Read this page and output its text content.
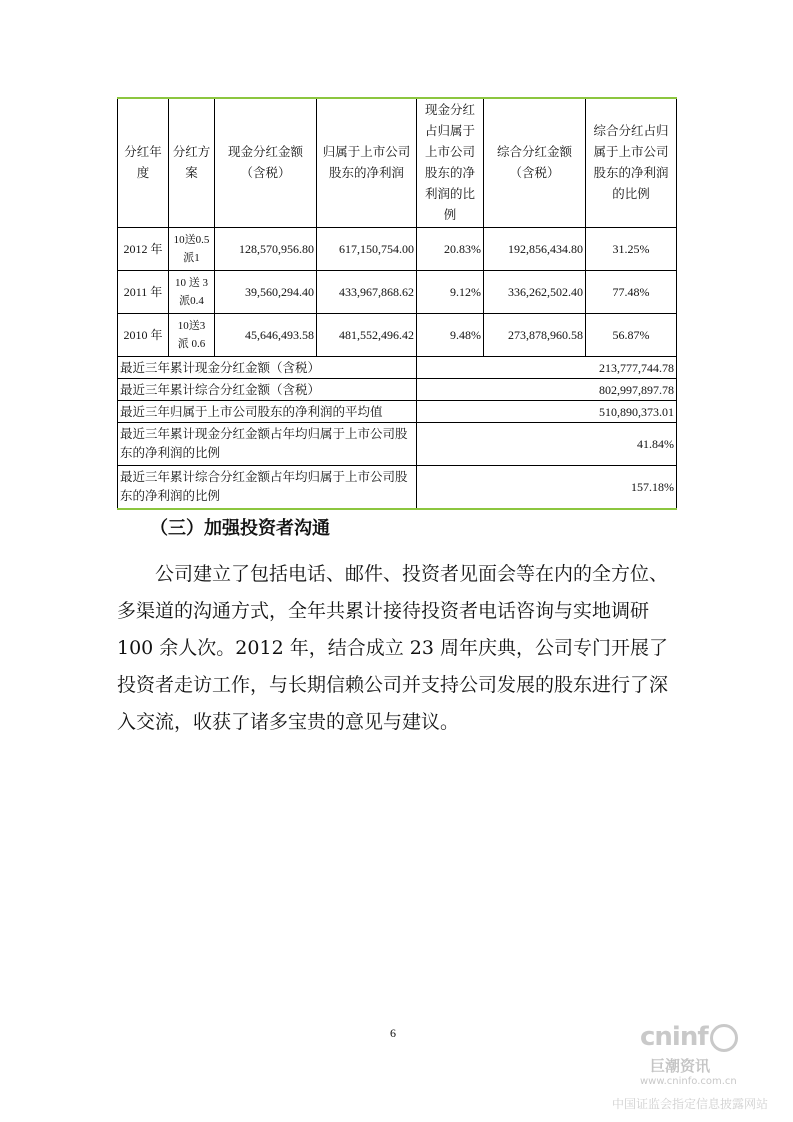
分红年度	分红方案	现金分红金额（含税）	归属于上市公司股东的净利润	现金分红占归属于上市公司股东的净利润的比例	综合分红金额（含税）	综合分红占归属于上市公司股东的净利润的比例
2012 年	10送0.5派1	128,570,956.80	617,150,754.00	20.83%	192,856,434.80	31.25%
2011 年	10 送 3派0.4	39,560,294.40	433,967,868.62	9.12%	336,262,502.40	77.48%
2010 年	10送3 派 0.6	45,646,493.58	481,552,496.42	9.48%	273,878,960.58	56.87%
最近三年累计现金分红金额（含税）				213,777,744.78		
最近三年累计综合分红金额（含税）				802,997,897.78		
最近三年归属于上市公司股东的净利润的平均值				510,890,373.01		
最近三年累计现金分红金额占年均归属于上市公司股东的净利润的比例				41.84%		
最近三年累计综合分红金额占年均归属于上市公司股东的净利润的比例				157.18%		
（三）加强投资者沟通

公司建立了包括电话、邮件、投资者见面会等在内的全方位、多渠道的沟通方式，全年共累计接待投资者电话咨询与实地调研100 余人次。2012 年，结合成立 23 周年庆典，公司专门开展了投资者走访工作，与长期信赖公司并支持公司发展的股东进行了深入交流，收获了诸多宝贵的意见与建议。

6	cninf
巨潮资讯
www.cninfo.com.cn
中国证监会指定信息披露网站
